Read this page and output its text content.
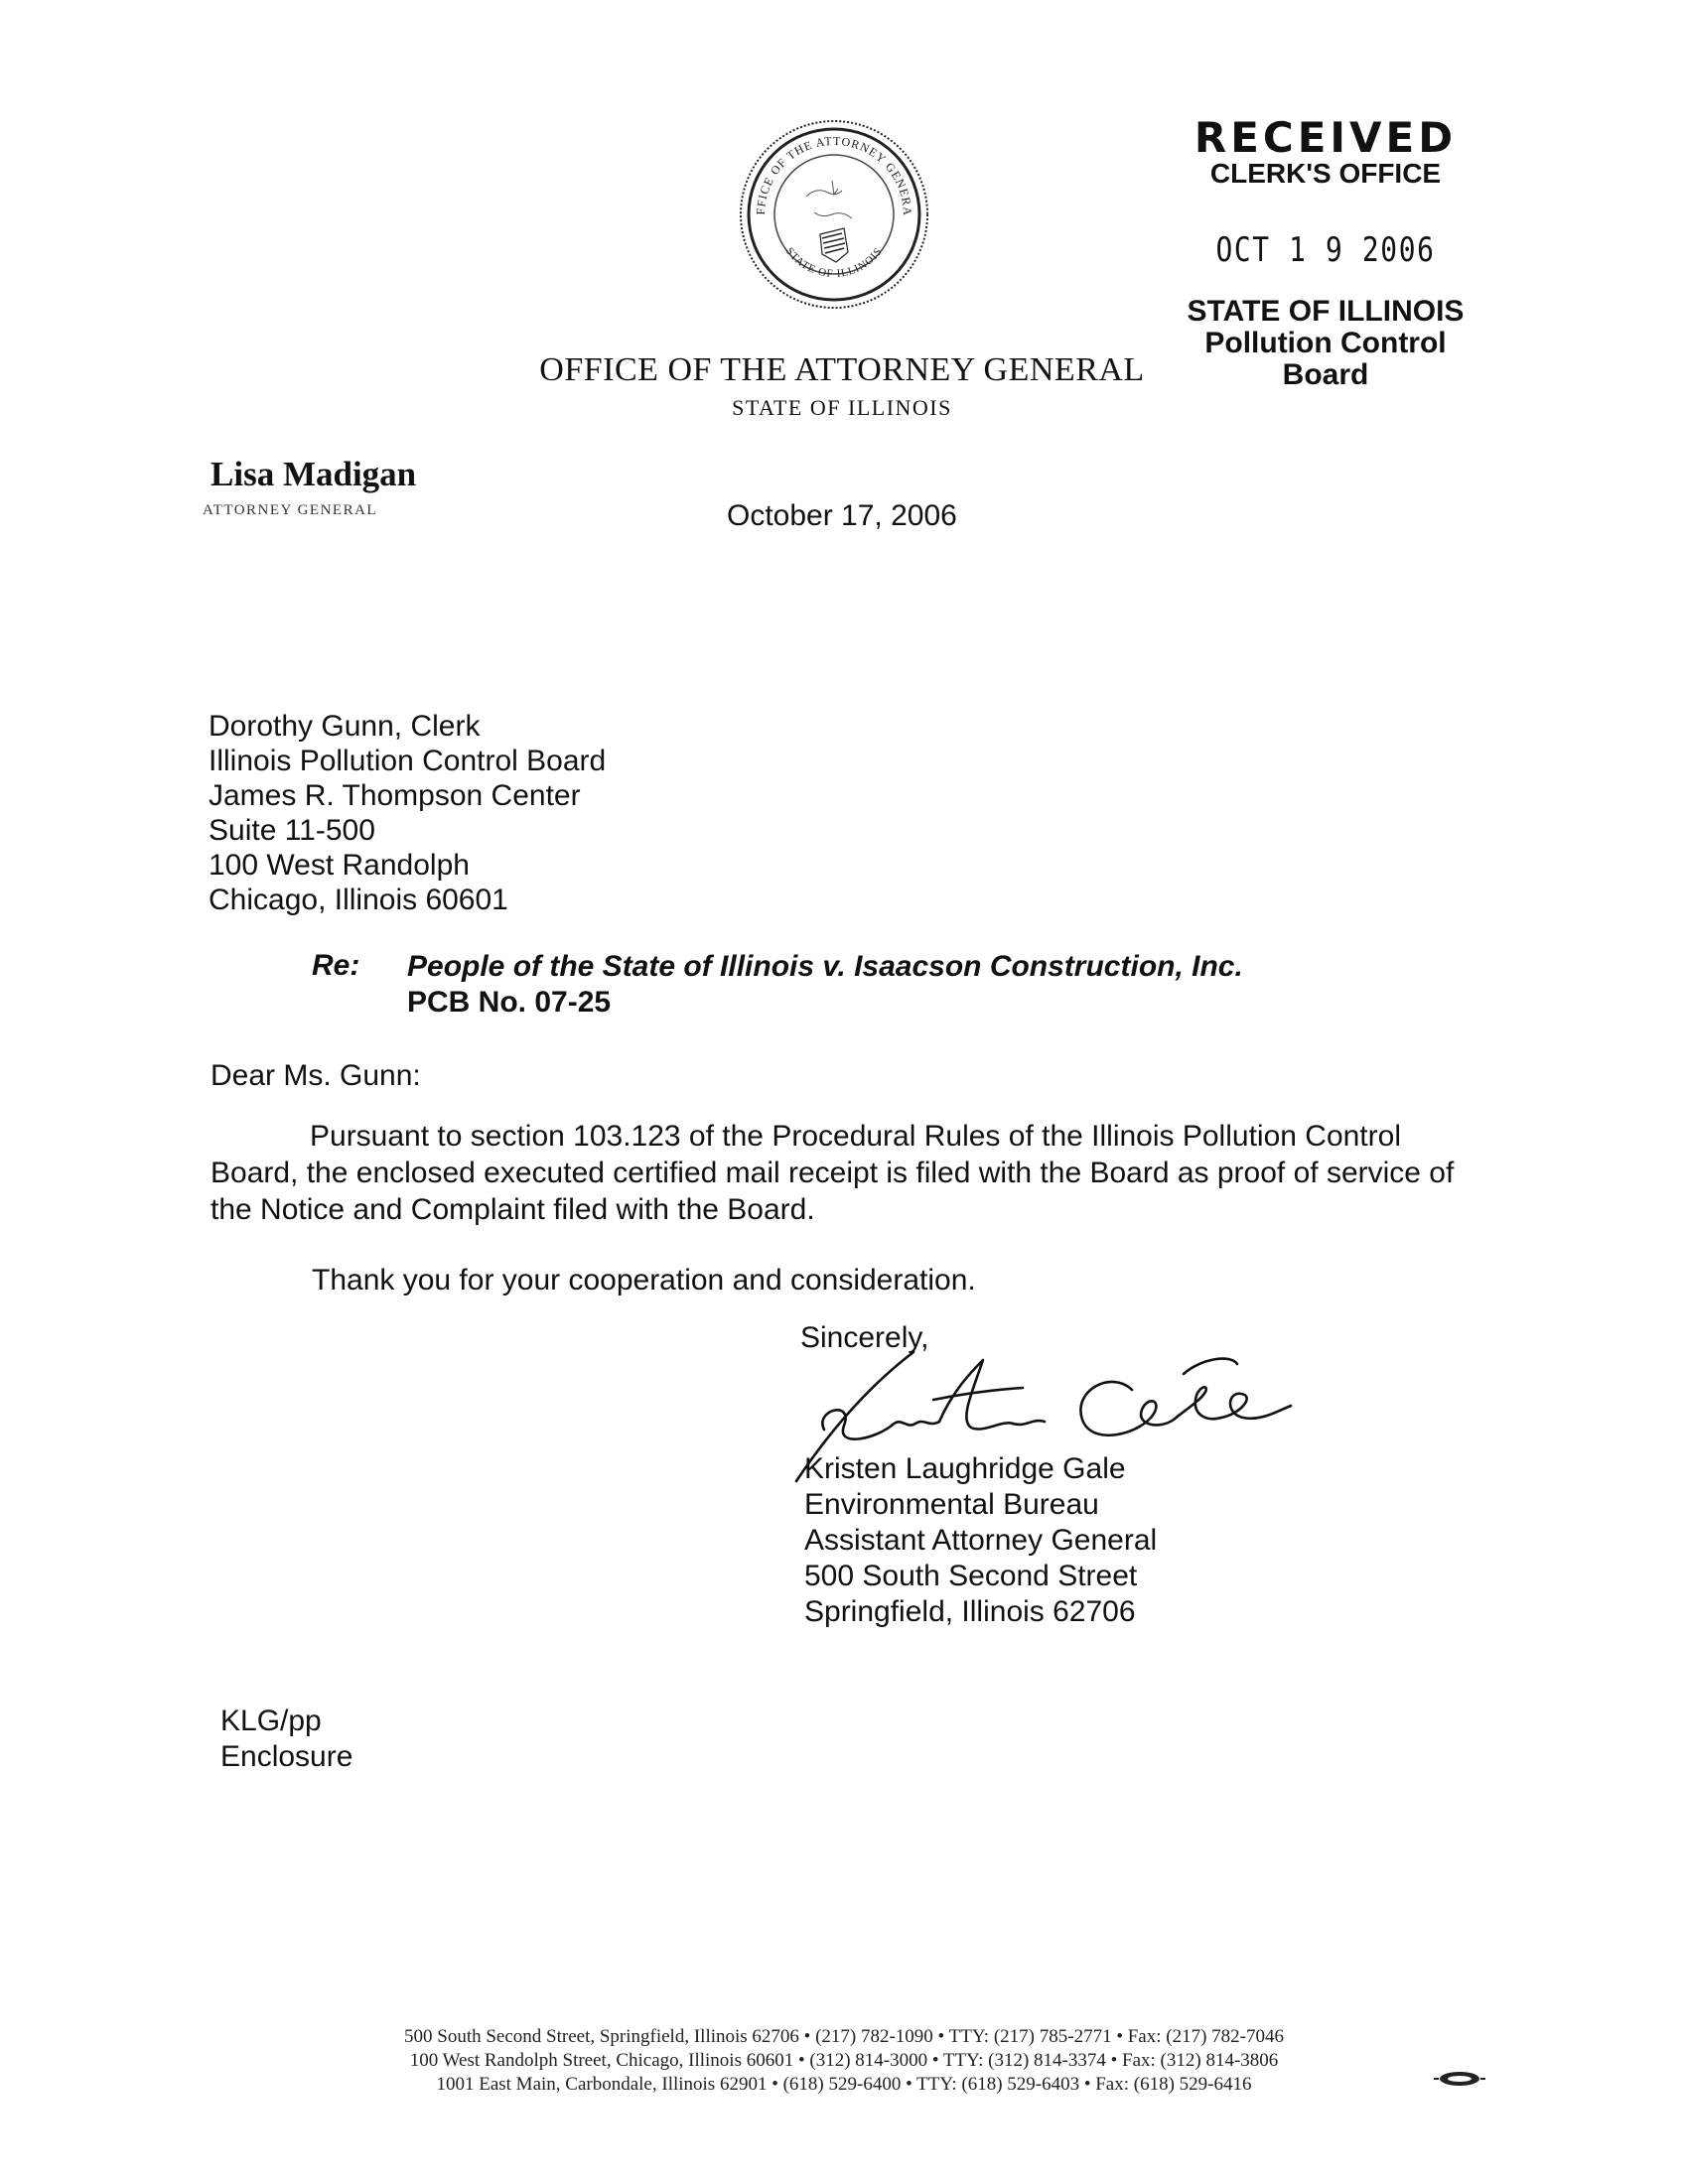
FFICE OF THE ATTORNEY GENERA
STATE OF ILLINOIS
RECEIVED
CLERK'S OFFICE
OCT 1 9 2006
STATE OF ILLINOIS
Pollution Control Board
OFFICE OF THE ATTORNEY GENERAL
STATE OF ILLINOIS
Lisa Madigan
ATTORNEY GENERAL	October 17, 2006
Dorothy Gunn, Clerk
Illinois Pollution Control Board
James R. Thompson Center
Suite 11-500
100 West Randolph
Chicago, Illinois 60601
Re: People of the State of Illinois v. Isaacson Construction, Inc.
PCB No. 07-25
Dear Ms. Gunn:
Pursuant to section 103.123 of the Procedural Rules of the Illinois Pollution Control Board, the enclosed executed certified mail receipt is filed with the Board as proof of service of the Notice and Complaint filed with the Board.
Thank you for your cooperation and consideration.
Sincerely,
Kristen Laughridge Gale
Environmental Bureau
Assistant Attorney General
500 South Second Street
Springfield, Illinois 62706
KLG/pp
Enclosure
500 South Second Street, Springfield, Illinois 62706 • (217) 782-1090 • TTY: (217) 785-2771 • Fax: (217) 782-7046
100 West Randolph Street, Chicago, Illinois 60601 • (312) 814-3000 • TTY: (312) 814-3374 • Fax: (312) 814-3806
1001 East Main, Carbondale, Illinois 62901 • (618) 529-6400 • TTY: (618) 529-6403 • Fax: (618) 529-6416
